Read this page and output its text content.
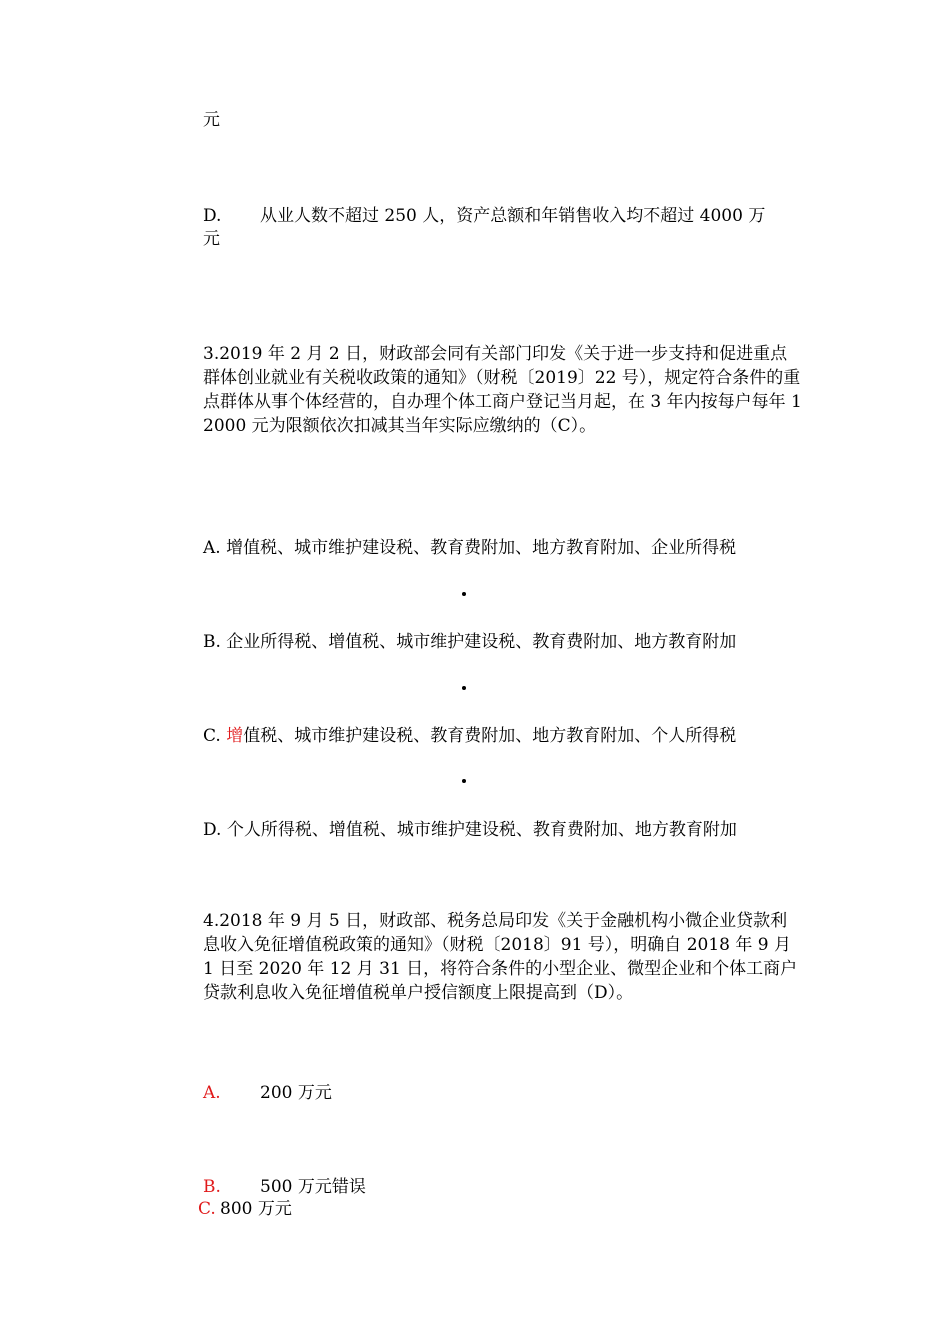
元
D. 从业人数不超过 250 人，资产总额和年销售收入均不超过 4000 万
元
3.2019 年 2 月 2 日，财政部会同有关部门印发《关于进一步支持和促进重点群体创业就业有关税收政策的通知》（财税〔2019〕22 号），规定符合条件的重点群体从事个体经营的，自办理个体工商户登记当月起，在 3 年内按每户每年 12000 元为限额依次扣减其当年实际应缴纳的（C）。
A. 增值税、城市维护建设税、教育费附加、地方教育附加、企业所得税
B. 企业所得税、增值税、城市维护建设税、教育费附加、地方教育附加
C. 增值税、城市维护建设税、教育费附加、地方教育附加、个人所得税
D. 个人所得税、增值税、城市维护建设税、教育费附加、地方教育附加
4.2018 年 9 月 5 日，财政部、税务总局印发《关于金融机构小微企业贷款利息收入免征增值税政策的通知》（财税〔2018〕91 号），明确自 2018 年 9 月 1 日至 2020 年 12 月 31 日，将符合条件的小型企业、微型企业和个体工商户贷款利息收入免征增值税单户授信额度上限提高到（D）。
A. 200 万元
B. 500 万元错误
C. 800 万元
